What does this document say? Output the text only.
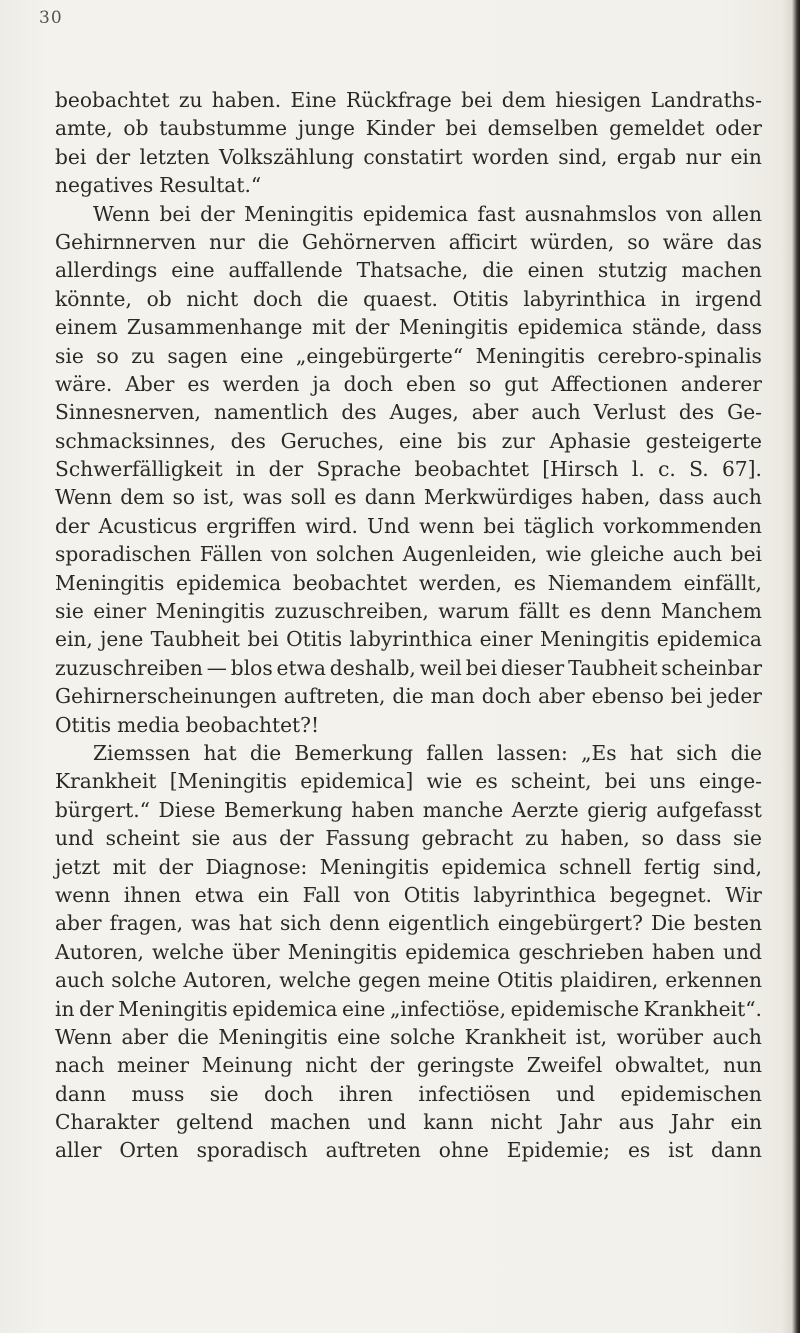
30
beobachtet zu haben. Eine Rückfrage bei dem hiesigen Landraths-
amte, ob taubstumme junge Kinder bei demselben gemeldet oder
bei der letzten Volkszählung constatirt worden sind, ergab nur ein
negatives Resultat.“
Wenn bei der Meningitis epidemica fast ausnahmslos von allen
Gehirnnerven nur die Gehörnerven afficirt würden, so wäre das
allerdings eine auffallende Thatsache, die einen stutzig machen
könnte, ob nicht doch die quaest. Otitis labyrinthica in irgend
einem Zusammenhange mit der Meningitis epidemica stände, dass
sie so zu sagen eine „eingebürgerte“ Meningitis cerebro-spinalis
wäre. Aber es werden ja doch eben so gut Affectionen anderer
Sinnesnerven, namentlich des Auges, aber auch Verlust des Ge-
schmacksinnes, des Geruches, eine bis zur Aphasie gesteigerte
Schwerfälligkeit in der Sprache beobachtet [Hirsch l. c. S. 67].
Wenn dem so ist, was soll es dann Merkwürdiges haben, dass auch
der Acusticus ergriffen wird. Und wenn bei täglich vorkommenden
sporadischen Fällen von solchen Augenleiden, wie gleiche auch bei
Meningitis epidemica beobachtet werden, es Niemandem einfällt,
sie einer Meningitis zuzuschreiben, warum fällt es denn Manchem
ein, jene Taubheit bei Otitis labyrinthica einer Meningitis epidemica
zuzuschreiben — blos etwa deshalb, weil bei dieser Taubheit scheinbar
Gehirnerscheinungen auftreten, die man doch aber ebenso bei jeder
Otitis media beobachtet?!
Ziemssen hat die Bemerkung fallen lassen: „Es hat sich die
Krankheit [Meningitis epidemica] wie es scheint, bei uns einge-
bürgert.“ Diese Bemerkung haben manche Aerzte gierig aufgefasst
und scheint sie aus der Fassung gebracht zu haben, so dass sie
jetzt mit der Diagnose: Meningitis epidemica schnell fertig sind,
wenn ihnen etwa ein Fall von Otitis labyrinthica begegnet. Wir
aber fragen, was hat sich denn eigentlich eingebürgert? Die besten
Autoren, welche über Meningitis epidemica geschrieben haben und
auch solche Autoren, welche gegen meine Otitis plaidiren, erkennen
in der Meningitis epidemica eine „infectiöse, epidemische Krankheit“.
Wenn aber die Meningitis eine solche Krankheit ist, worüber auch
nach meiner Meinung nicht der geringste Zweifel obwaltet, nun
dann muss sie doch ihren infectiösen und epidemischen
Charakter geltend machen und kann nicht Jahr aus Jahr ein
aller Orten sporadisch auftreten ohne Epidemie; es ist dann
